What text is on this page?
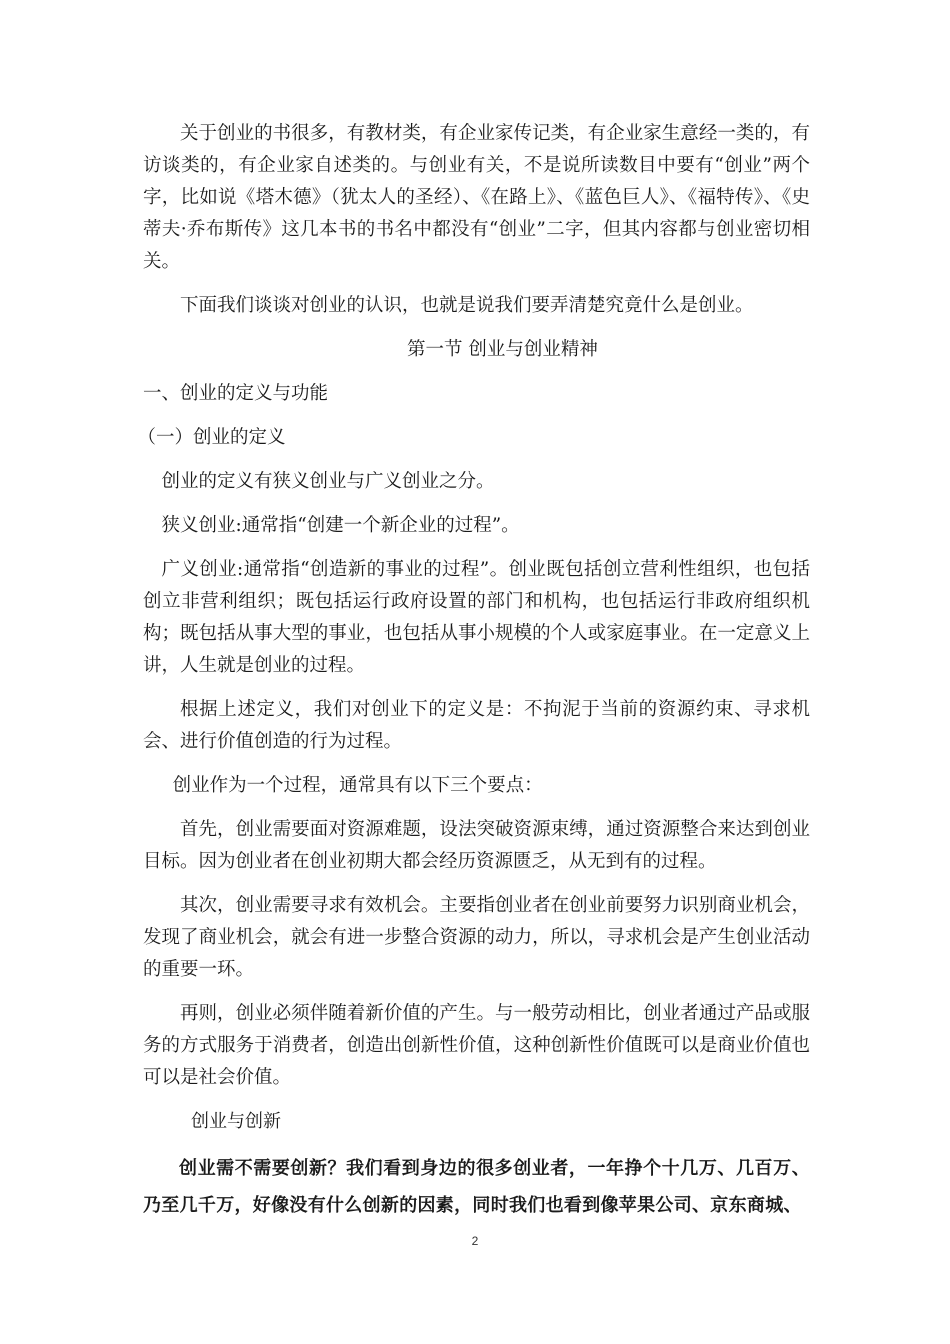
关于创业的书很多，有教材类，有企业家传记类，有企业家生意经一类的，有访谈类的，有企业家自述类的。与创业有关，不是说所读数目中要有“创业”两个字，比如说《塔木德》（犹太人的圣经）、《在路上》、《蓝色巨人》、《福特传》、《史蒂夫·乔布斯传》这几本书的书名中都没有“创业”二字，但其内容都与创业密切相关。

下面我们谈谈对创业的认识，也就是说我们要弄清楚究竟什么是创业。

第一节 创业与创业精神

一、创业的定义与功能

（一）创业的定义

创业的定义有狭义创业与广义创业之分。

狭义创业:通常指“创建一个新企业的过程”。

广义创业:通常指“创造新的事业的过程”。创业既包括创立营利性组织，也包括创立非营利组织；既包括运行政府设置的部门和机构，也包括运行非政府组织机构；既包括从事大型的事业，也包括从事小规模的个人或家庭事业。在一定意义上讲，人生就是创业的过程。

根据上述定义，我们对创业下的定义是：不拘泥于当前的资源约束、寻求机会、进行价值创造的行为过程。

创业作为一个过程，通常具有以下三个要点：

首先，创业需要面对资源难题，设法突破资源束缚，通过资源整合来达到创业目标。因为创业者在创业初期大都会经历资源匮乏，从无到有的过程。

其次，创业需要寻求有效机会。主要指创业者在创业前要努力识别商业机会，发现了商业机会，就会有进一步整合资源的动力，所以，寻求机会是产生创业活动的重要一环。

再则，创业必须伴随着新价值的产生。与一般劳动相比，创业者通过产品或服务的方式服务于消费者，创造出创新性价值，这种创新性价值既可以是商业价值也可以是社会价值。

创业与创新

创业需不需要创新？我们看到身边的很多创业者，一年挣个十几万、几百万、乃至几千万，好像没有什么创新的因素，同时我们也看到像苹果公司、京东商城、

2
